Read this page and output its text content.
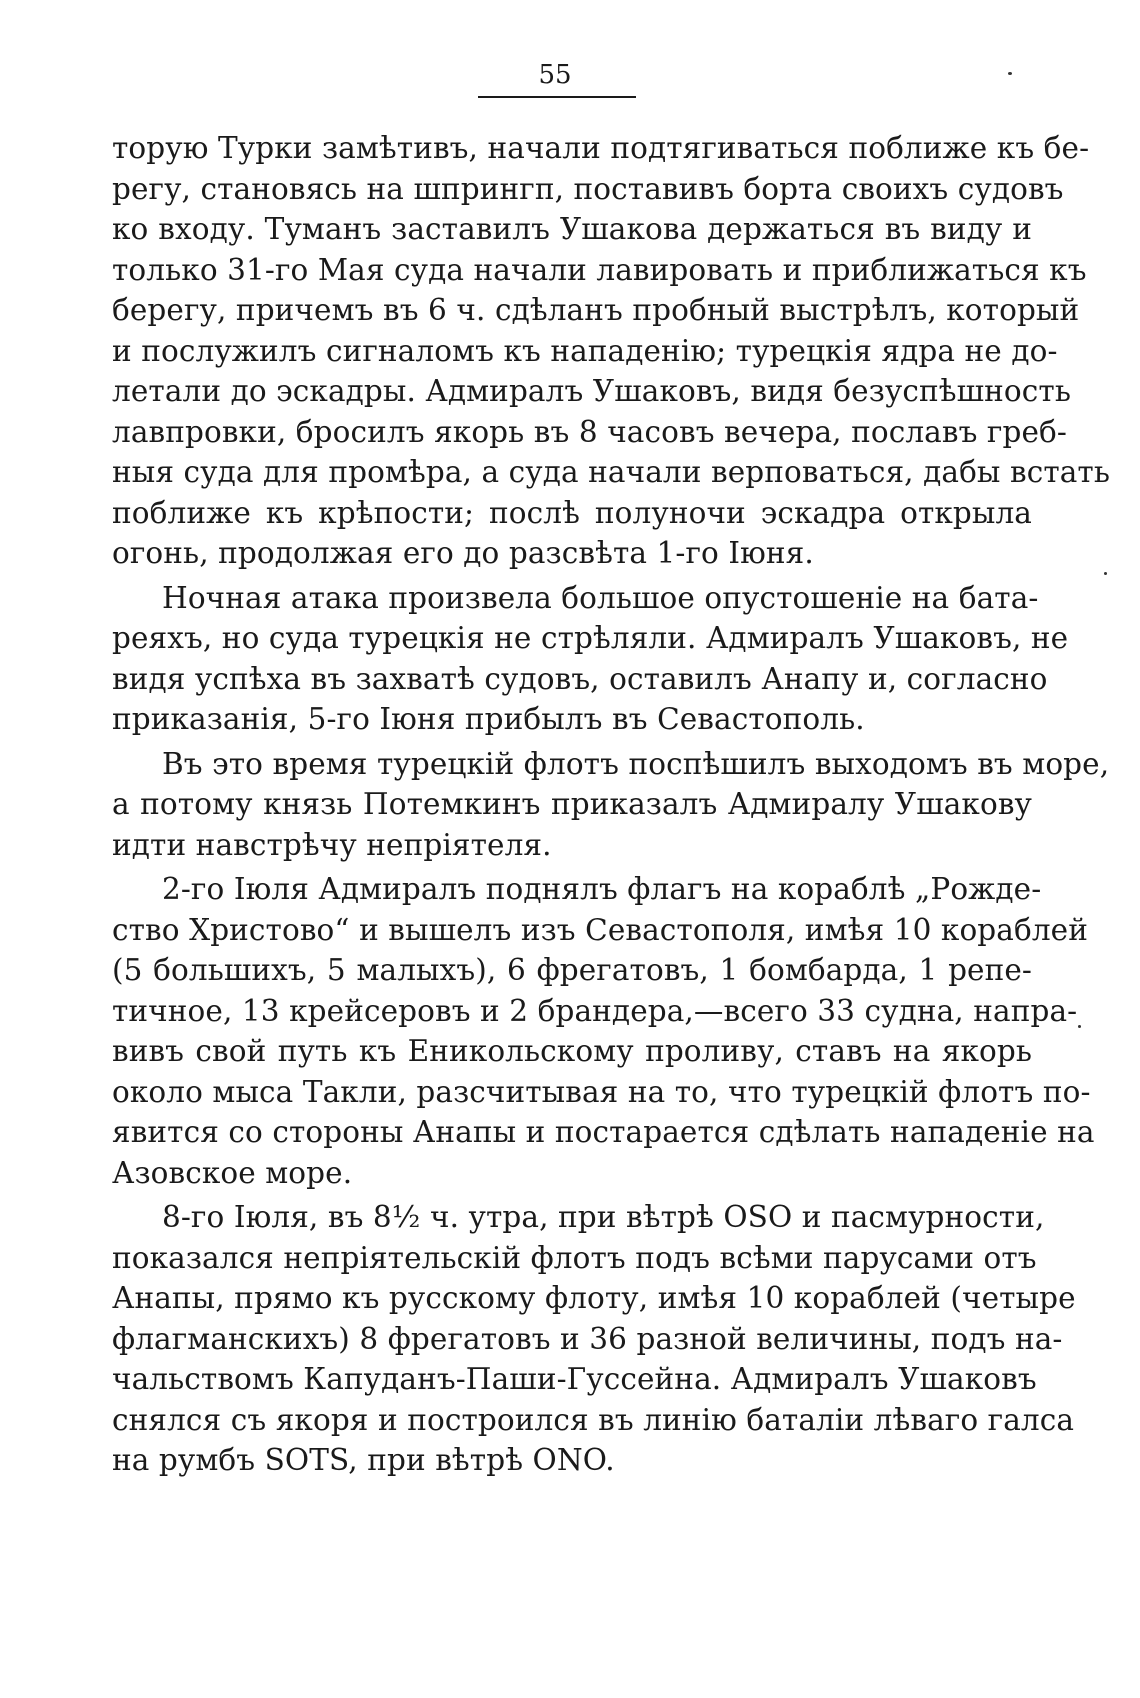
55
торую Турки замѣтивъ, начали подтягиваться поближе къ бе-
регу, становясь на шпрингп, поставивъ борта своихъ судовъ
ко входу. Туманъ заставилъ Ушакова держаться въ виду и
только 31-го Мая суда начали лавировать и приближаться къ
берегу, причемъ въ 6 ч. сдѣланъ пробный выстрѣлъ, который
и послужилъ сигналомъ къ нападенію; турецкія ядра не до-
летали до эскадры. Адмиралъ Ушаковъ, видя безуспѣшность
лавпровки, бросилъ якорь въ 8 часовъ вечера, пославъ греб-
ныя суда для промѣра, а суда начали верповаться, дабы встать
поближе къ крѣпости; послѣ полуночи эскадра открыла
огонь, продолжая его до разсвѣта 1-го Іюня.
Ночная атака произвела большое опустошеніе на бата-
реяхъ, но суда турецкія не стрѣляли. Адмиралъ Ушаковъ, не
видя успѣха въ захватѣ судовъ, оставилъ Анапу и, согласно
приказанія, 5-го Іюня прибылъ въ Севастополь.
Въ это время турецкій флотъ поспѣшилъ выходомъ въ море,
а потому князь Потемкинъ приказалъ Адмиралу Ушакову
идти навстрѣчу непріятеля.
2-го Іюля Адмиралъ поднялъ флагъ на кораблѣ „Рожде-
ство Христово“ и вышелъ изъ Севастополя, имѣя 10 кораблей
(5 большихъ, 5 малыхъ), 6 фрегатовъ, 1 бомбарда, 1 репе-
тичное, 13 крейсеровъ и 2 брандера,—всего 33 судна, напра-
вивъ свой путь къ Еникольскому проливу, ставъ на якорь
около мыса Такли, разсчитывая на то, что турецкій флотъ по-
явится со стороны Анапы и постарается сдѣлать нападеніе на
Азовское море.
8-го Іюля, въ 8½ ч. утра, при вѣтрѣ OSO и пасмурности,
показался непріятельскій флотъ подъ всѣми парусами отъ
Анапы, прямо къ русскому флоту, имѣя 10 кораблей (четыре
флагманскихъ) 8 фрегатовъ и 36 разной величины, подъ на-
чальствомъ Капуданъ-Паши-Гуссейна. Адмиралъ Ушаковъ
снялся съ якоря и построился въ линію баталіи лѣваго галса
на румбъ SOTS, при вѣтрѣ ONO.
